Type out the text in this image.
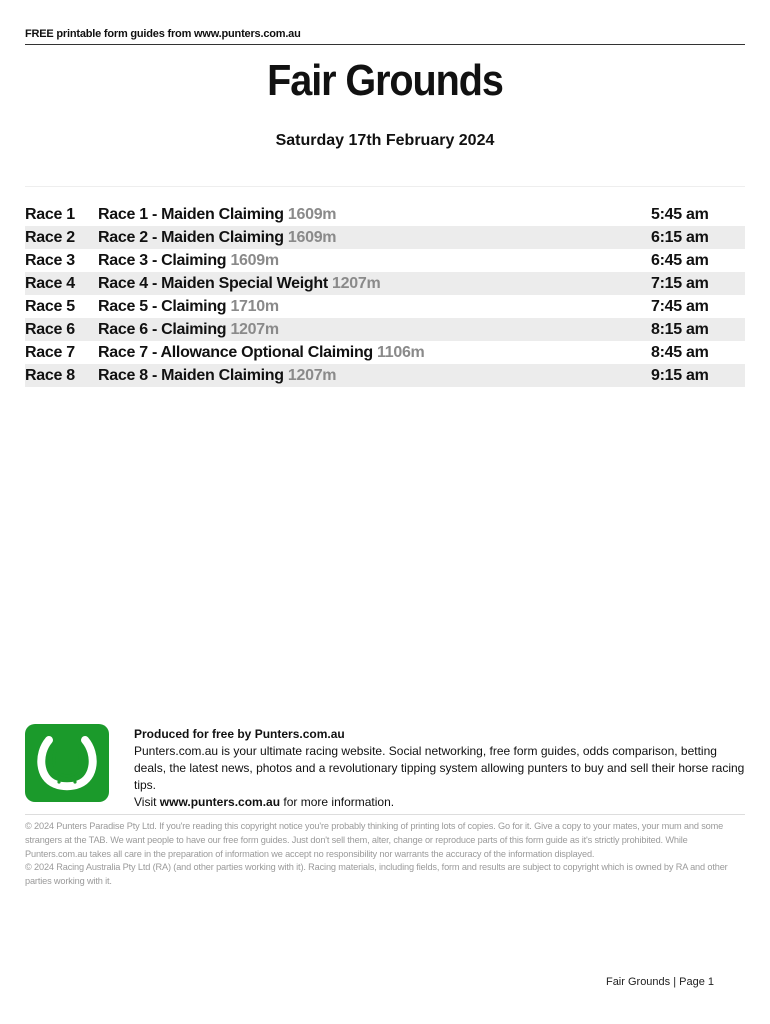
FREE printable form guides from www.punters.com.au
Fair Grounds
Saturday 17th February 2024
Race 1 Race 1 - Maiden Claiming 1609m	5:45 am
Race 2 Race 2 - Maiden Claiming 1609m	6:15 am
Race 3 Race 3 - Claiming 1609m	6:45 am
Race 4 Race 4 - Maiden Special Weight 1207m	7:15 am
Race 5 Race 5 - Claiming 1710m	7:45 am
Race 6 Race 6 - Claiming 1207m	8:15 am
Race 7 Race 7 - Allowance Optional Claiming 1106m	8:45 am
Race 8 Race 8 - Maiden Claiming 1207m	9:15 am
Produced for free by Punters.com.au
Punters.com.au is your ultimate racing website. Social networking, free form guides, odds comparison, betting deals, the latest news, photos and a revolutionary tipping system allowing punters to buy and sell their horse racing tips.
Visit www.punters.com.au for more information.

© 2024 Punters Paradise Pty Ltd. If you're reading this copyright notice you're probably thinking of printing lots of copies. Go for it. Give a copy to your mates, your mum and some strangers at the TAB. We want people to have our free form guides. Just don't sell them, alter, change or reproduce parts of this form guide as it's strictly prohibited. While Punters.com.au takes all care in the preparation of information we accept no responsibility nor warrants the accuracy of the information displayed.

© 2024 Racing Australia Pty Ltd (RA) (and other parties working with it). Racing materials, including fields, form and results are subject to copyright which is owned by RA and other parties working with it.

Fair Grounds | Page 1
